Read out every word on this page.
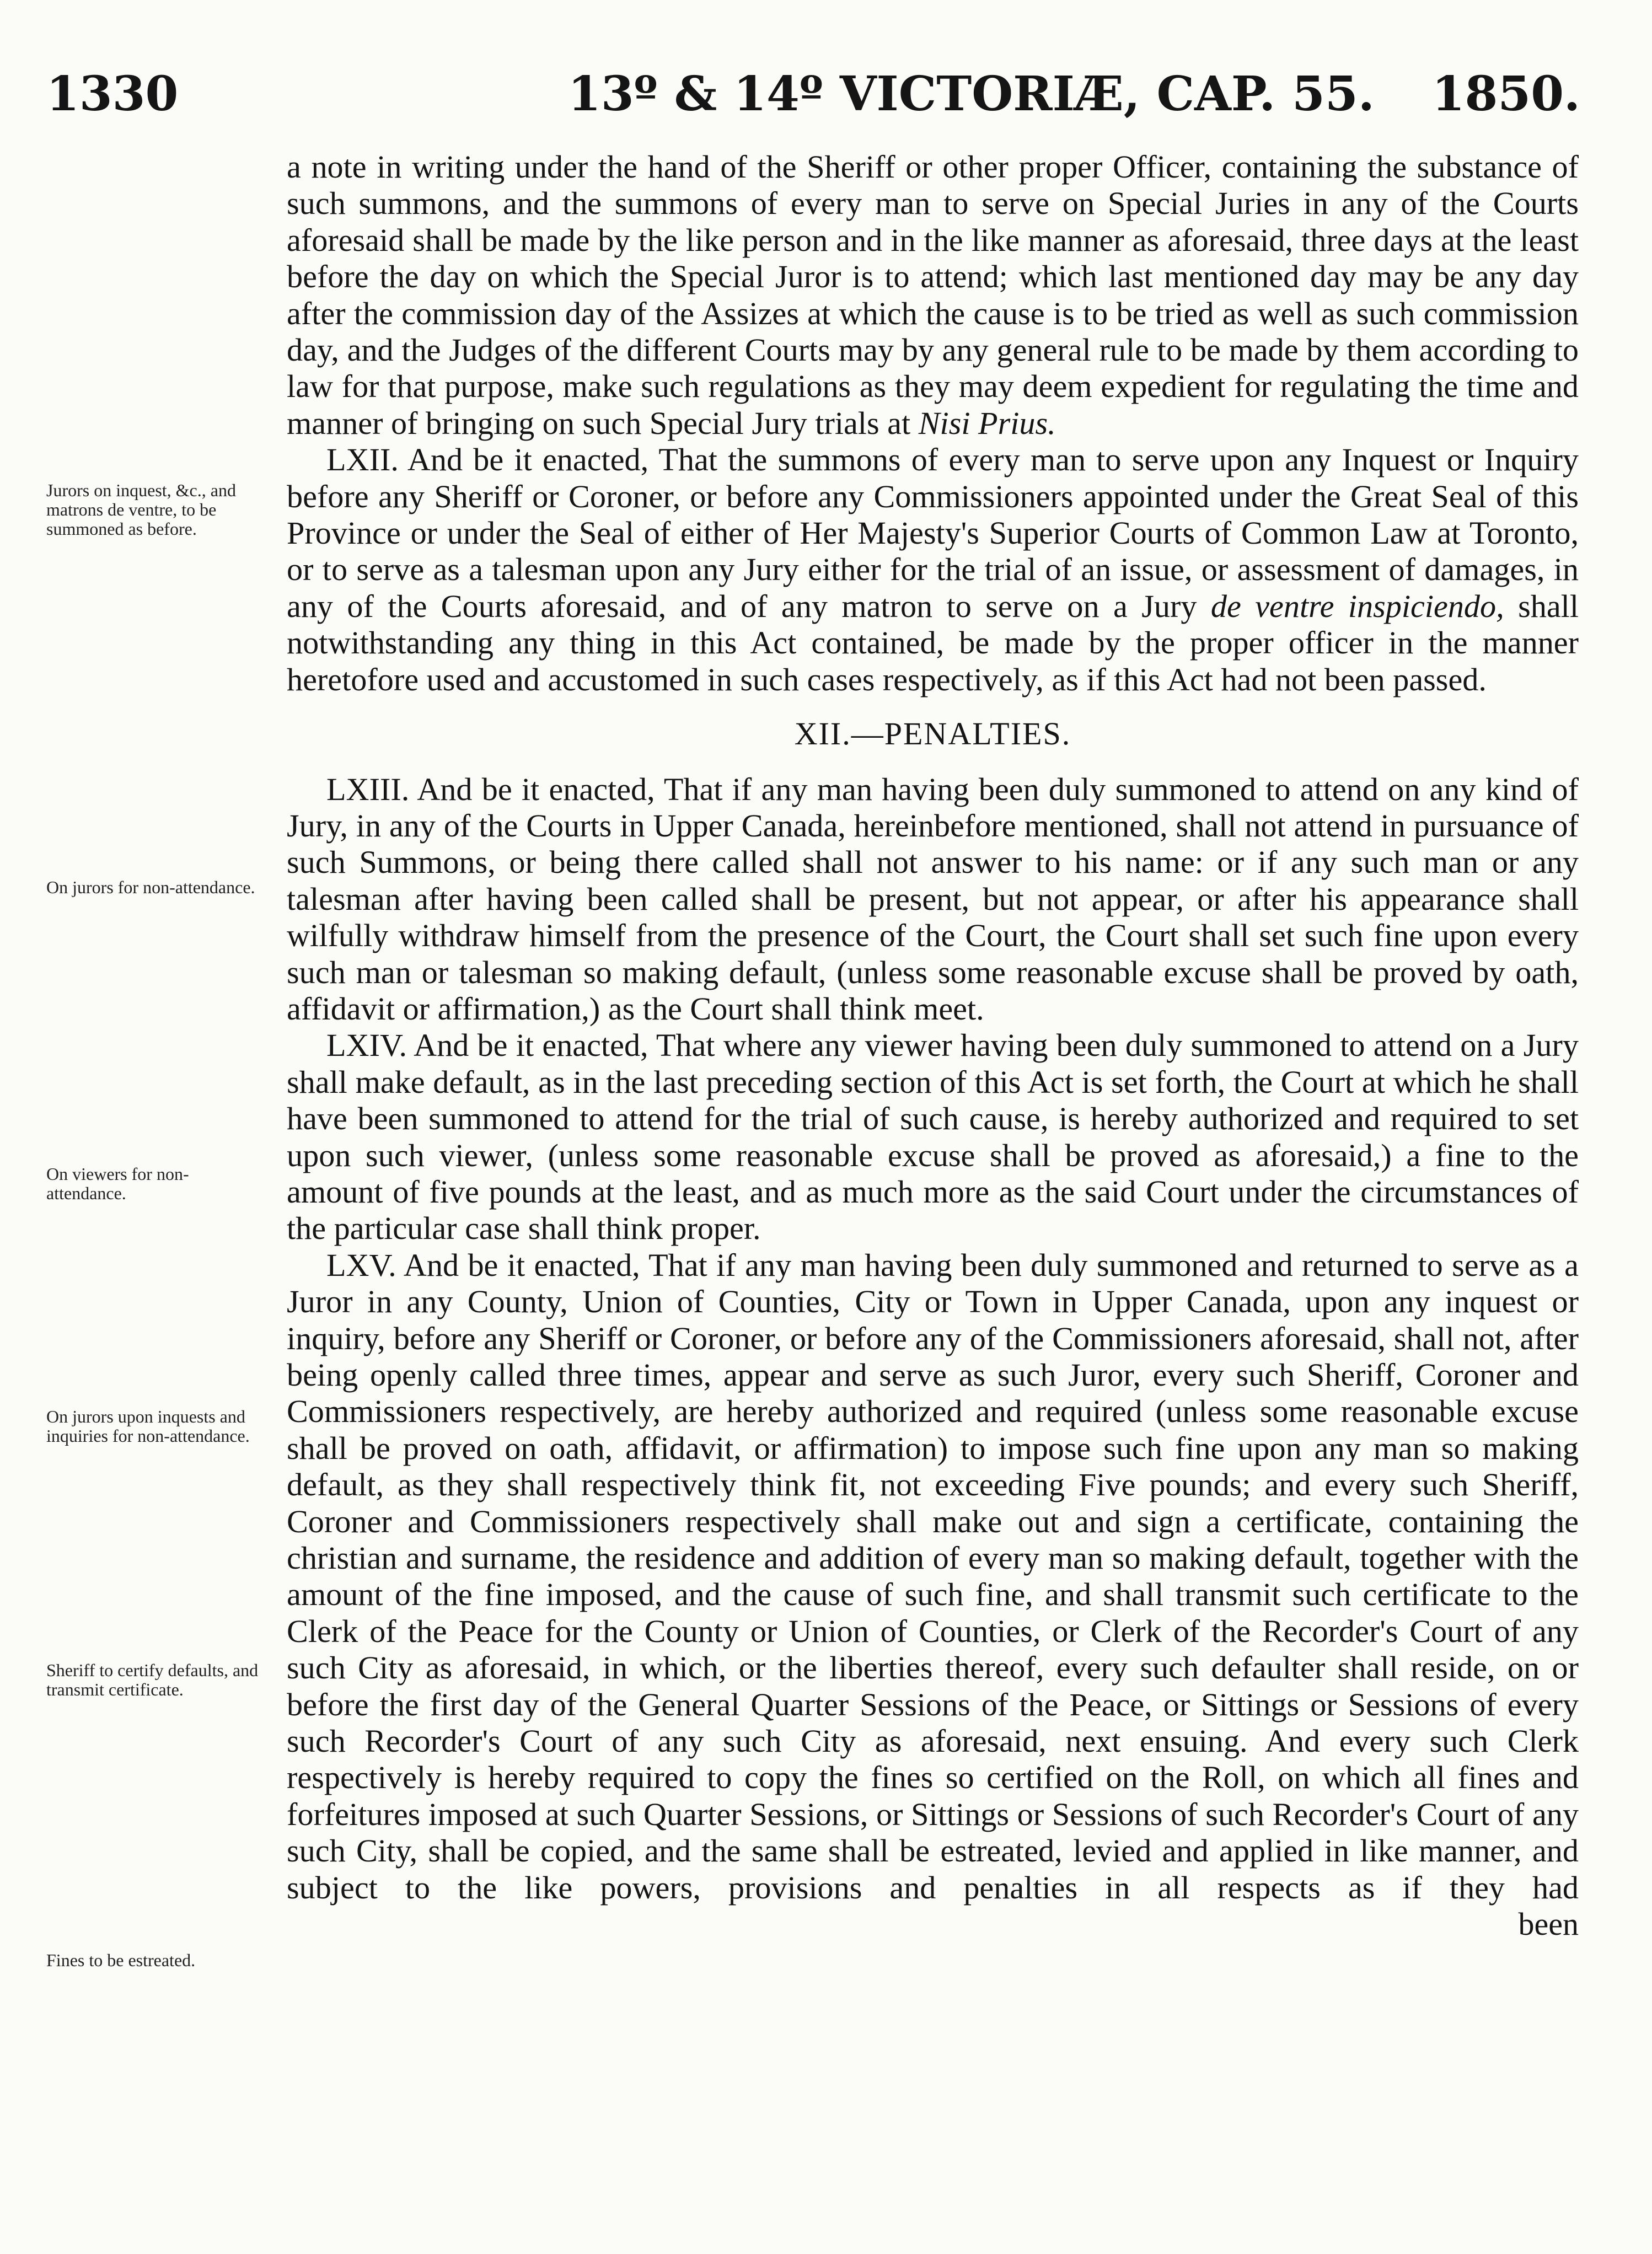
1330	13º & 14º VICTORIÆ, CAP. 55. 1850.
Jurors on inquest, &c., and matrons de ventre, to be summoned as before.
On jurors for non-attendance.
On viewers for non-attendance.
On jurors upon inquests and inquiries for non-attendance.
Sheriff to certify defaults, and transmit certificate.
Fines to be estreated.

a note in writing under the hand of the Sheriff or other proper Officer, containing the substance of such summons, and the summons of every man to serve on Special Juries in any of the Courts aforesaid shall be made by the like person and in the like manner as aforesaid, three days at the least before the day on which the Special Juror is to attend; which last mentioned day may be any day after the commission day of the Assizes at which the cause is to be tried as well as such commission day, and the Judges of the different Courts may by any general rule to be made by them according to law for that purpose, make such regulations as they may deem expedient for regulating the time and manner of bringing on such Special Jury trials at Nisi Prius.

LXII. And be it enacted, That the summons of every man to serve upon any Inquest or Inquiry before any Sheriff or Coroner, or before any Commissioners appointed under the Great Seal of this Province or under the Seal of either of Her Majesty's Superior Courts of Common Law at Toronto, or to serve as a talesman upon any Jury either for the trial of an issue, or assessment of damages, in any of the Courts aforesaid, and of any matron to serve on a Jury de ventre inspiciendo, shall notwithstanding any thing in this Act contained, be made by the proper officer in the manner heretofore used and accustomed in such cases respectively, as if this Act had not been passed.

XII.—PENALTIES.

LXIII. And be it enacted, That if any man having been duly summoned to attend on any kind of Jury, in any of the Courts in Upper Canada, hereinbefore mentioned, shall not attend in pursuance of such Summons, or being there called shall not answer to his name: or if any such man or any talesman after having been called shall be present, but not appear, or after his appearance shall wilfully withdraw himself from the presence of the Court, the Court shall set such fine upon every such man or talesman so making default, (unless some reasonable excuse shall be proved by oath, affidavit or affirmation,) as the Court shall think meet.

LXIV. And be it enacted, That where any viewer having been duly summoned to attend on a Jury shall make default, as in the last preceding section of this Act is set forth, the Court at which he shall have been summoned to attend for the trial of such cause, is hereby authorized and required to set upon such viewer, (unless some reasonable excuse shall be proved as aforesaid,) a fine to the amount of five pounds at the least, and as much more as the said Court under the circumstances of the particular case shall think proper.

LXV. And be it enacted, That if any man having been duly summoned and returned to serve as a Juror in any County, Union of Counties, City or Town in Upper Canada, upon any inquest or inquiry, before any Sheriff or Coroner, or before any of the Commissioners aforesaid, shall not, after being openly called three times, appear and serve as such Juror, every such Sheriff, Coroner and Commissioners respectively, are hereby authorized and required (unless some reasonable excuse shall be proved on oath, affidavit, or affirmation) to impose such fine upon any man so making default, as they shall respectively think fit, not exceeding Five pounds; and every such Sheriff, Coroner and Commissioners respectively shall make out and sign a certificate, containing the christian and surname, the residence and addition of every man so making default, together with the amount of the fine imposed, and the cause of such fine, and shall transmit such certificate to the Clerk of the Peace for the County or Union of Counties, or Clerk of the Recorder's Court of any such City as aforesaid, in which, or the liberties thereof, every such defaulter shall reside, on or before the first day of the General Quarter Sessions of the Peace, or Sittings or Sessions of every such Recorder's Court of any such City as aforesaid, next ensuing. And every such Clerk respectively is hereby required to copy the fines so certified on the Roll, on which all fines and forfeitures imposed at such Quarter Sessions, or Sittings or Sessions of such Recorder's Court of any such City, shall be copied, and the same shall be estreated, levied and applied in like manner, and subject to the like powers, provisions and penalties in all respects as if they had

been
